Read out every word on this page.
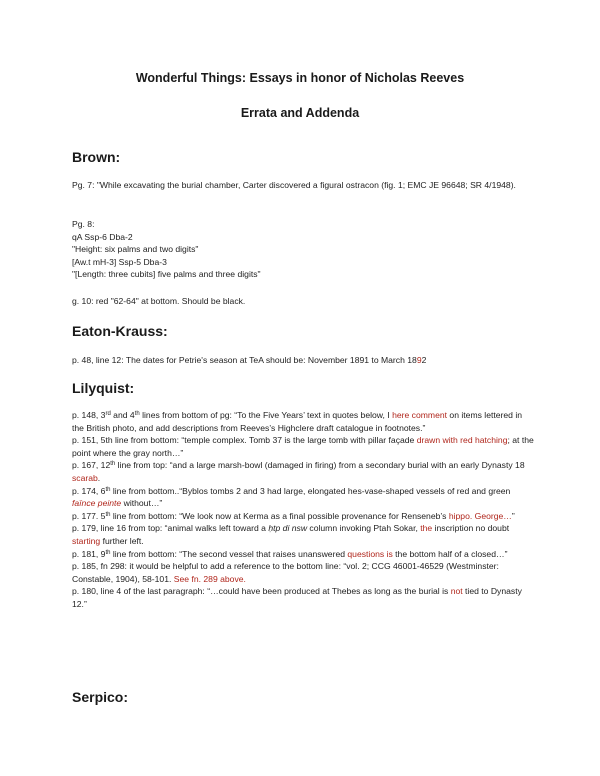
Wonderful Things: Essays in honor of Nicholas Reeves
Errata and Addenda
Brown:
Pg. 7: "While excavating the burial chamber, Carter discovered a figural ostracon (fig. 1; EMC JE 96648; SR 4/1948).
Pg. 8:
qA Ssp-6 Dba-2
"Height: six palms and two digits"
[Aw.t mH-3] Ssp-5 Dba-3
"[Length: three cubits] five palms and three digits"
g. 10: red "62-64" at bottom. Should be black.
Eaton-Krauss:
p. 48, line 12: The dates for Petrie's season at TeA should be: November 1891 to March 1892
Lilyquist:
p. 148, 3rd and 4th lines from bottom of pg: “To the Five Years’ text in quotes below, I here comment on items lettered in the British photo, and add descriptions from Reeves’s Highclere draft catalogue in footnotes.”
p. 151, 5th line from bottom: “temple complex. Tomb 37 is the large tomb with pillar façade drawn with red hatching; at the point where the gray north…”
p. 167, 12th line from top: “and a large marsh-bowl (damaged in firing) from a secondary burial with an early Dynasty 18 scarab.
p. 174, 6th line from bottom..“Byblos tombs 2 and 3 had large, elongated hes-vase-shaped vessels of red and green faïnce peinte without…”
p. 177. 5th line from bottom: “We look now at Kerma as a final possible provenance for Renseneb’s hippo. George…”
p. 179, line 16 from top: “animal walks left toward a ḥtp di nsw column invoking Ptah Sokar, the inscription no doubt starting further left.
p. 181, 9th line from bottom: “The second vessel that raises unanswered questions is the bottom half of a closed…”
p. 185, fn 298: it would be helpful to add a reference to the bottom line: “vol. 2; CCG 46001-46529 (Westminster: Constable, 1904), 58-101. See fn. 289 above.
p. 180, line 4 of the last paragraph: “…could have been produced at Thebes as long as the burial is not tied to Dynasty 12.”
Serpico:
